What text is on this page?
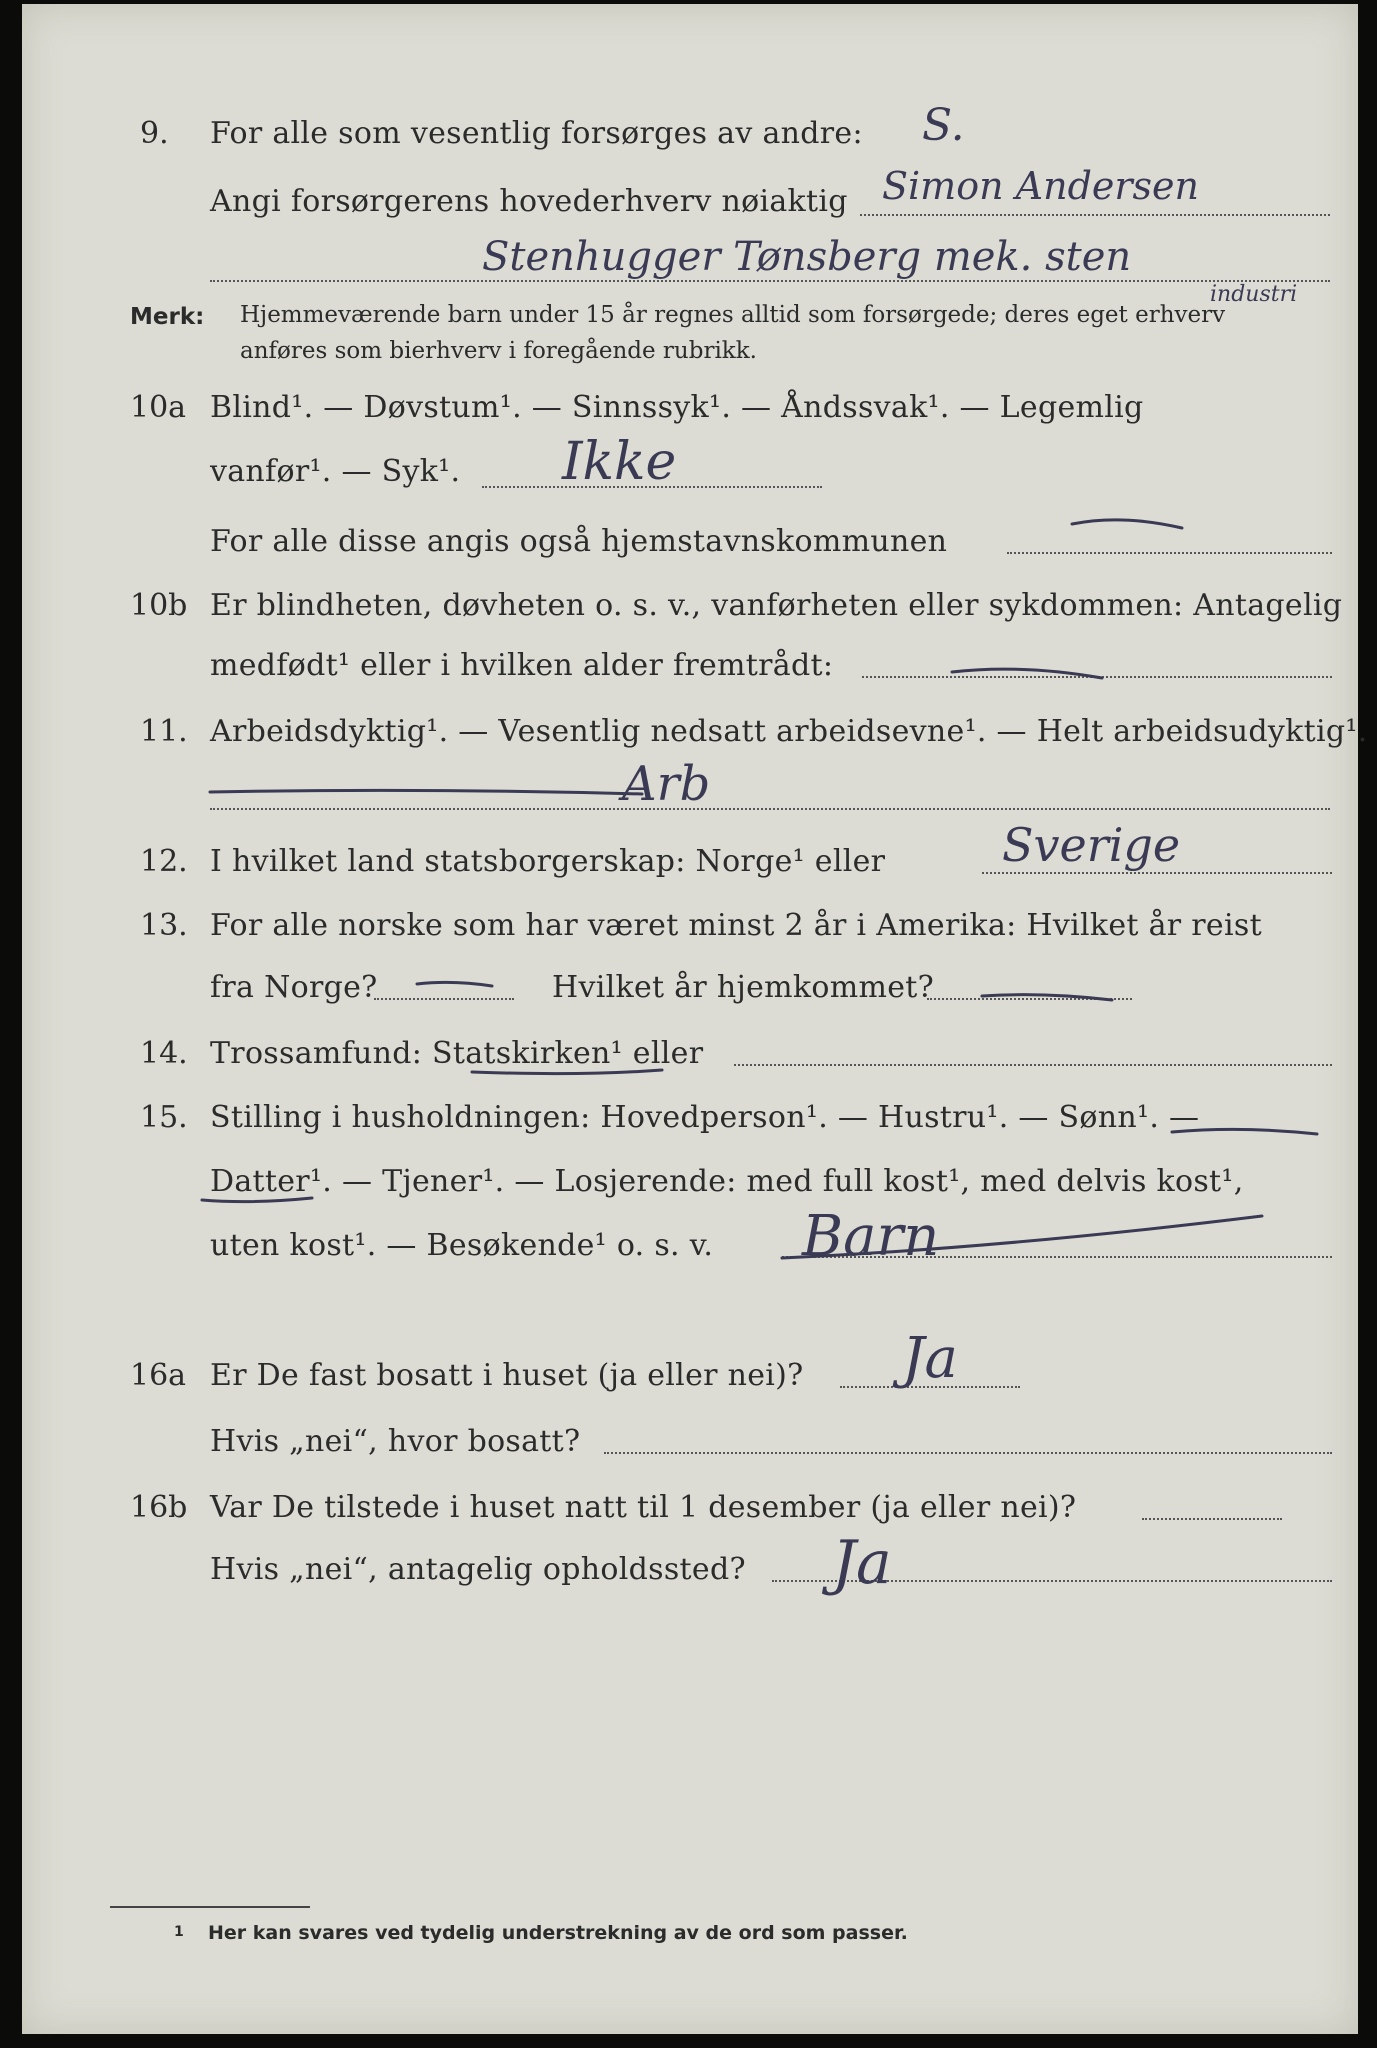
9. For alle som vesentlig forsørges av andre: S.
Angi forsørgerens hovederhverv nøiaktig Simon Andersen
Stenhugger Tønsberg mek. sten
industri
Merk: Hjemmeværende barn under 15 år regnes alltid som forsørgede; deres eget erhverv
anføres som bierhverv i foregående rubrikk.
10a Blind¹. — Døvstum¹. — Sinnssyk¹. — Åndssvak¹. — Legemlig
vanfør¹. — Syk¹. Ikke
For alle disse angis også hjemstavnskommunen
10b Er blindheten, døvheten o. s. v., vanførheten eller sykdommen: Antagelig
medfødt¹ eller i hvilken alder fremtrådt:
11. Arbeidsdyktig¹. — Vesentlig nedsatt arbeidsevne¹. — Helt arbeidsudyktig¹.
Arb
12. I hvilket land statsborgerskap: Norge¹ eller	Sverige
13. For alle norske som har været minst 2 år i Amerika: Hvilket år reist
fra Norge?	Hvilket år hjemkommet?
14. Trossamfund: Statskirken¹ eller
15. Stilling i husholdningen: Hovedperson¹. — Hustru¹. — Sønn¹. —
Datter¹. — Tjener¹. — Losjerende: med full kost¹, med delvis kost¹,
uten kost¹. — Besøkende¹ o. s. v. Barn
16a Er De fast bosatt i huset (ja eller nei)? Ja
Hvis „nei“, hvor bosatt?
16b Var De tilstede i huset natt til 1 desember (ja eller nei)?
Hvis „nei“, antagelig opholdssted? Ja
1 Her kan svares ved tydelig understrekning av de ord som passer.
